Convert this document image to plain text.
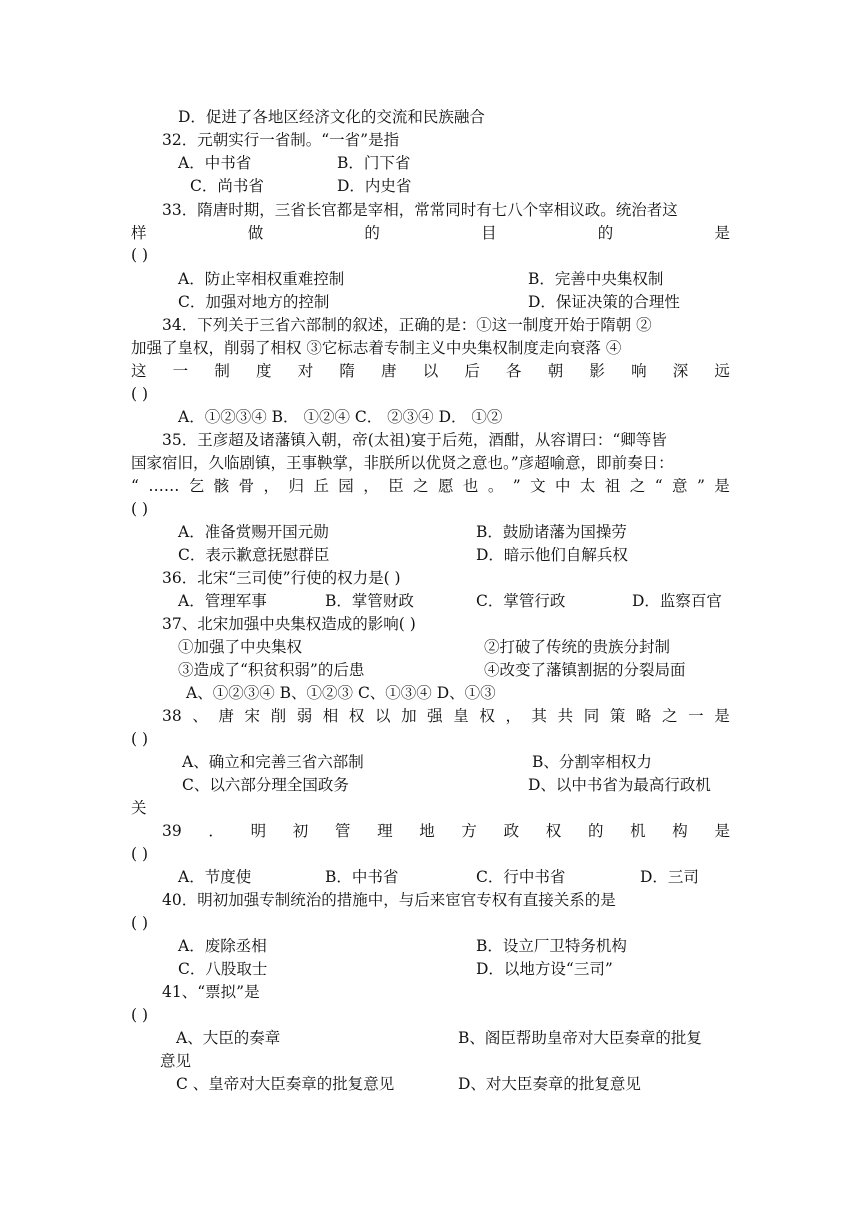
D．促进了各地区经济文化的交流和民族融合
32．元朝实行一省制。“一省”是指
A．中书省	B．门下省
C．尚书省	D．内史省
33．隋唐时期，三省长官都是宰相，常常同时有七八个宰相议政。统治者这
样	做	的	目	的	是
( )
A．防止宰相权重难控制	B．完善中央集权制
C．加强对地方的控制	D．保证决策的合理性
34．下列关于三省六部制的叙述，正确的是：①这一制度开始于隋朝 ②
加强了皇权，削弱了相权 ③它标志着专制主义中央集权制度走向衰落 ④
这 一 制 度 对 隋 唐 以 后 各 朝 影 响 深 远
( )
A．①②③④ B． ①②④ C． ②③④ D． ①②
35．王彦超及诸藩镇入朝，帝(太祖)宴于后苑，酒酣，从容谓曰：“卿等皆
国家宿旧，久临剧镇，王事鞅掌，非朕所以优贤之意也。”彦超喻意，即前奏日：
“ …… 乞 骸 骨 ， 归 丘 园 ， 臣 之 愿 也 。 ” 文 中 太 祖 之 “ 意 ” 是
( )
A．准备赏赐开国元勋	B．鼓励诸藩为国操劳
C．表示歉意抚慰群臣	D．暗示他们自解兵权
36．北宋“三司使”行使的权力是( )
A．管理军事	B．掌管财政	C．掌管行政	D．监察百官
37、北宋加强中央集权造成的影响( )
①加强了中央集权	②打破了传统的贵族分封制
③造成了“积贫积弱”的后患	④改变了藩镇割据的分裂局面
A、①②③④ B、①②③ C、①③④ D、①③
38 、 唐 宋 削 弱 相 权 以 加 强 皇 权 ， 其 共 同 策 略 之 一 是
( )
A、确立和完善三省六部制	B、分割宰相权力
C、以六部分理全国政务	D、以中书省为最高行政机
关
39 ． 明 初 管 理 地 方 政 权 的 机 构 是
( )
A．节度使	B．中书省	C．行中书省	D．三司
40．明初加强专制统治的措施中，与后来宦官专权有直接关系的是
( )
A．废除丞相	B．设立厂卫特务机构
C．八股取士	D．以地方设“三司”
41、“票拟”是
( )
A、大臣的奏章	B、阁臣帮助皇帝对大臣奏章的批复
意见
C 、皇帝对大臣奏章的批复意见	D、对大臣奏章的批复意见
